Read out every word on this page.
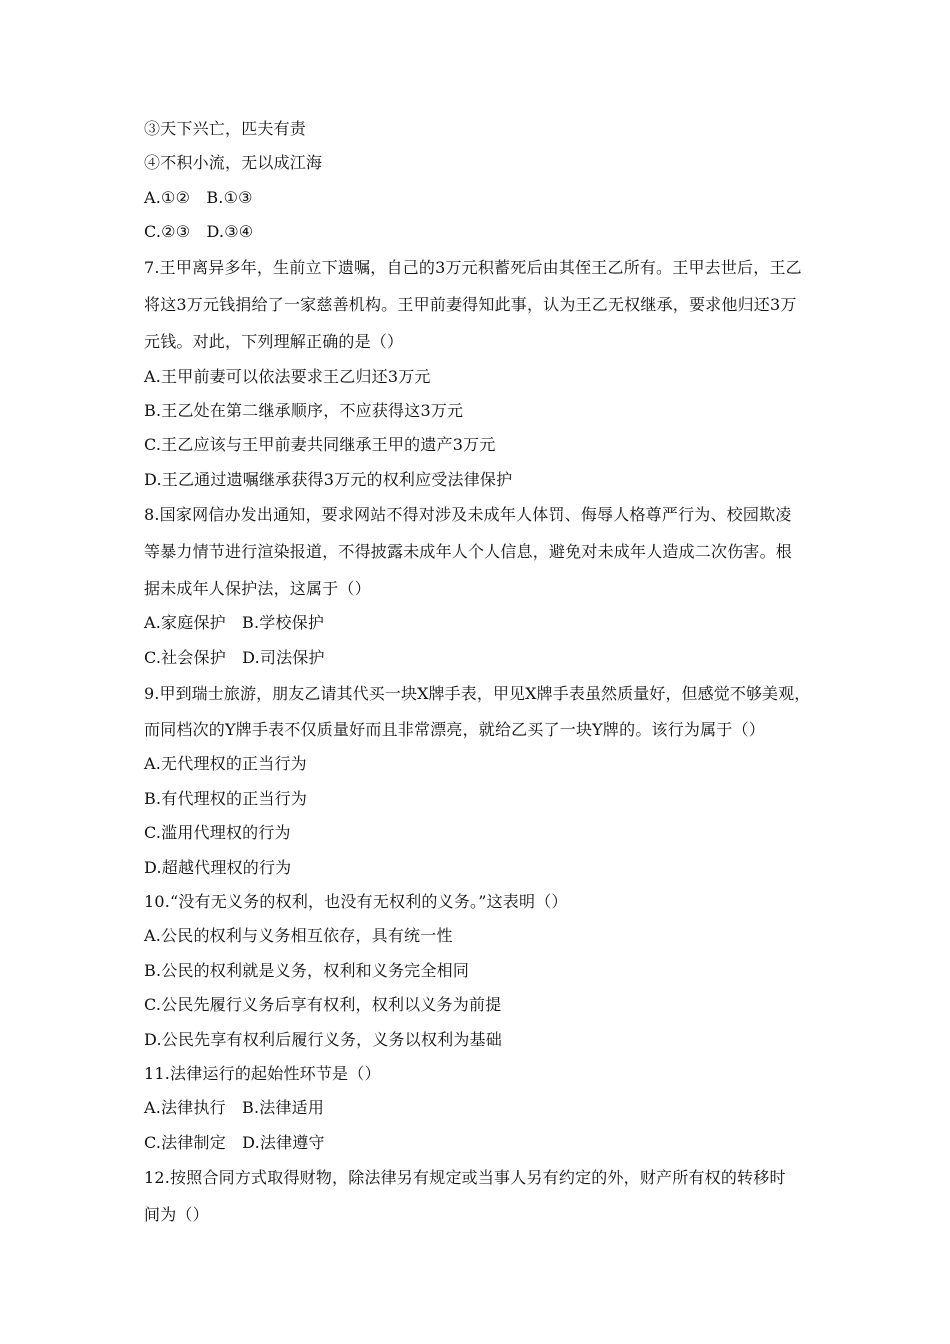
③天下兴亡，匹夫有责
④不积小流，无以成江海
A.①②　B.①③
C.②③　D.③④
7.王甲离异多年，生前立下遗嘱，自己的3万元积蓄死后由其侄王乙所有。王甲去世后，王乙
将这3万元钱捐给了一家慈善机构。王甲前妻得知此事，认为王乙无权继承，要求他归还3万
元钱。对此，下列理解正确的是（）
A.王甲前妻可以依法要求王乙归还3万元
B.王乙处在第二继承顺序，不应获得这3万元
C.王乙应该与王甲前妻共同继承王甲的遗产3万元
D.王乙通过遗嘱继承获得3万元的权利应受法律保护
8.国家网信办发出通知，要求网站不得对涉及未成年人体罚、侮辱人格尊严行为、校园欺凌
等暴力情节进行渲染报道，不得披露未成年人个人信息，避免对未成年人造成二次伤害。根
据未成年人保护法，这属于（）
A.家庭保护　B.学校保护
C.社会保护　D.司法保护
9.甲到瑞士旅游，朋友乙请其代买一块X牌手表，甲见X牌手表虽然质量好，但感觉不够美观，
而同档次的Y牌手表不仅质量好而且非常漂亮，就给乙买了一块Y牌的。该行为属于（）
A.无代理权的正当行为
B.有代理权的正当行为
C.滥用代理权的行为
D.超越代理权的行为
10.“没有无义务的权利，也没有无权利的义务。”这表明（）
A.公民的权利与义务相互依存，具有统一性
B.公民的权利就是义务，权利和义务完全相同
C.公民先履行义务后享有权利，权利以义务为前提
D.公民先享有权利后履行义务，义务以权利为基础
11.法律运行的起始性环节是（）
A.法律执行　B.法律适用
C.法律制定　D.法律遵守
12.按照合同方式取得财物，除法律另有规定或当事人另有约定的外，财产所有权的转移时
间为（）
